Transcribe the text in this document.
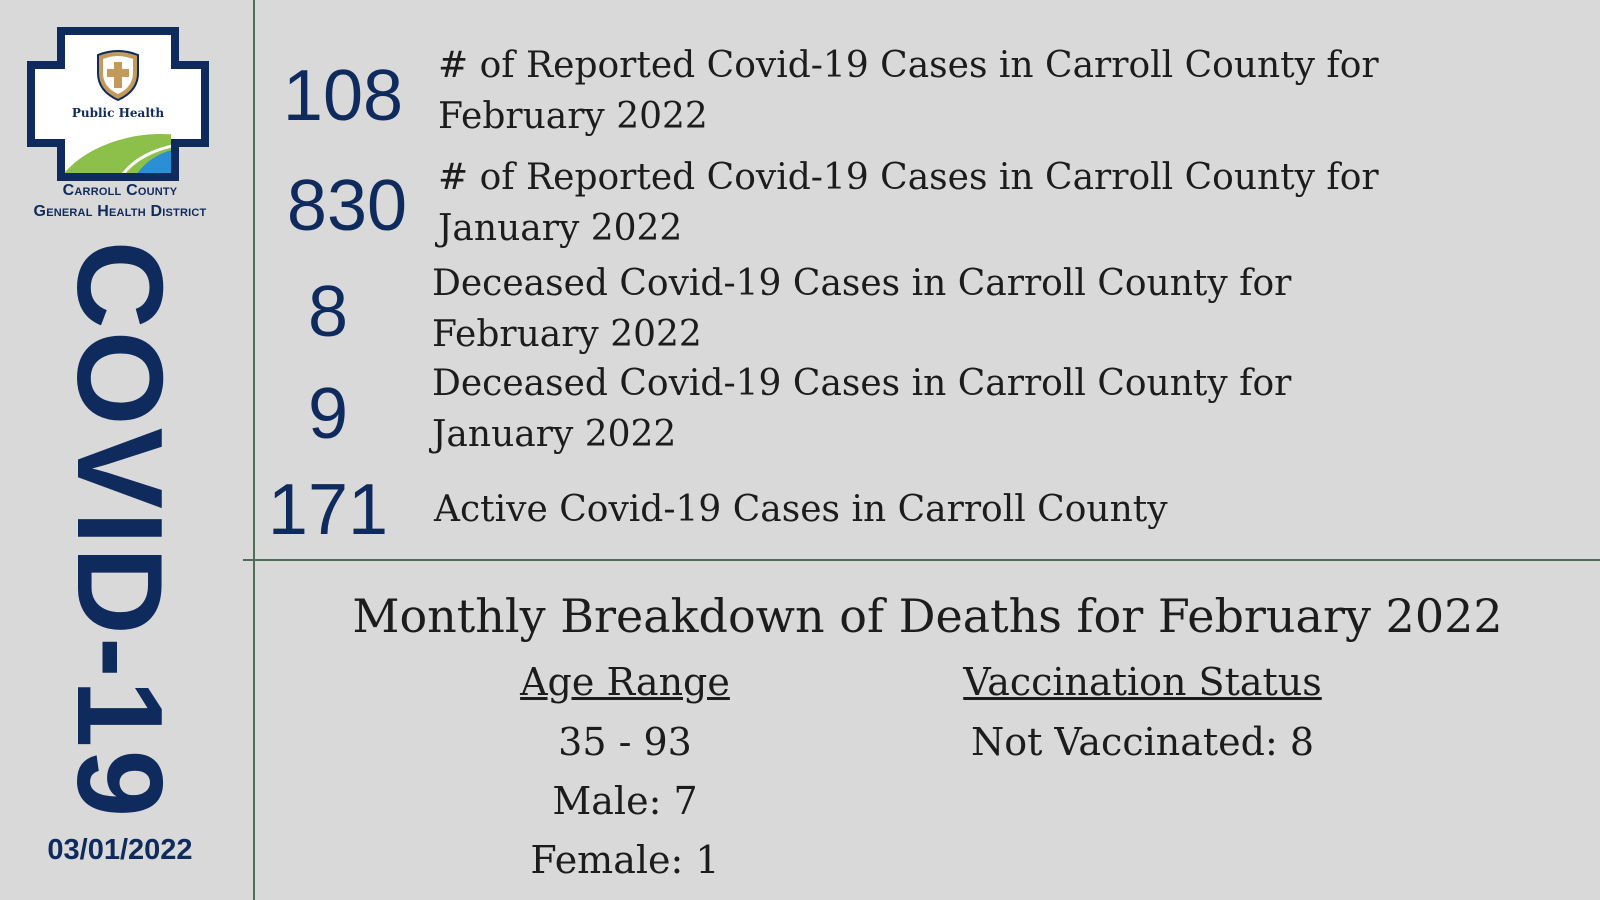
Public Health
Carroll County
General Health District
COVID-19
03/01/2022
108 # of Reported Covid-19 Cases in Carroll County for
February 2022
830 # of Reported Covid-19 Cases in Carroll County for
January 2022
8	Deceased Covid-19 Cases in Carroll County for
February 2022
9	Deceased Covid-19 Cases in Carroll County for
January 2022
171	Active Covid-19 Cases in Carroll County
Monthly Breakdown of Deaths for February 2022
Age Range
35 - 93
Male: 7
Female: 1
Vaccination Status
Not Vaccinated: 8
